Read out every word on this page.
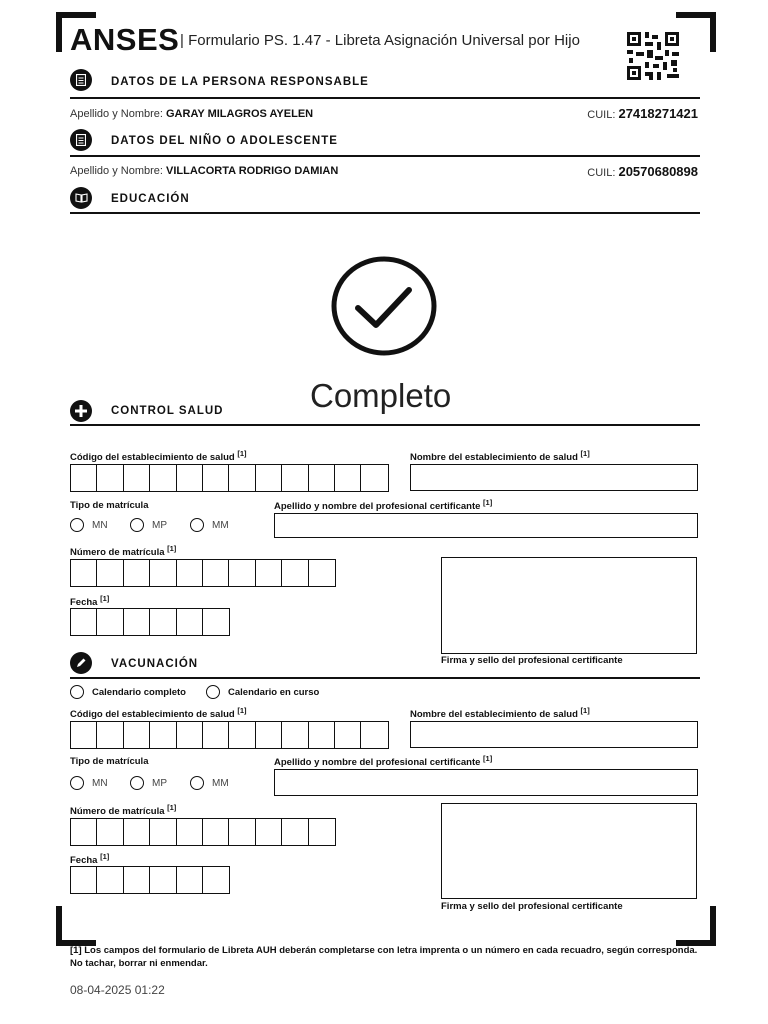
ANSES | Formulario PS. 1.47 - Libreta Asignación Universal por Hijo
DATOS DE LA PERSONA RESPONSABLE
Apellido y Nombre: GARAY MILAGROS AYELEN	CUIL: 27418271421
DATOS DEL NIÑO O ADOLESCENTE
Apellido y Nombre: VILLACORTA RODRIGO DAMIAN	CUIL: 20570680898
EDUCACIÓN
Completo
CONTROL SALUD
Código del establecimiento de salud [1]	Nombre del establecimiento de salud [1]
Tipo de matrícula
MN	MP	MM
Apellido y nombre del profesional certificante [1]
Número de matrícula [1]
Firma y sello del profesional certificante
Fecha [1]
VACUNACIÓN
Calendario completo	Calendario en curso
Código del establecimiento de salud [1]	Nombre del establecimiento de salud [1]
Tipo de matrícula
MN	MP	MM
Apellido y nombre del profesional certificante [1]
Número de matrícula [1]
Firma y sello del profesional certificante
Fecha [1]
[1] Los campos del formulario de Libreta AUH deberán completarse con letra imprenta o un número en cada recuadro, según corresponda.
No tachar, borrar ni enmendar.
08-04-2025 01:22
